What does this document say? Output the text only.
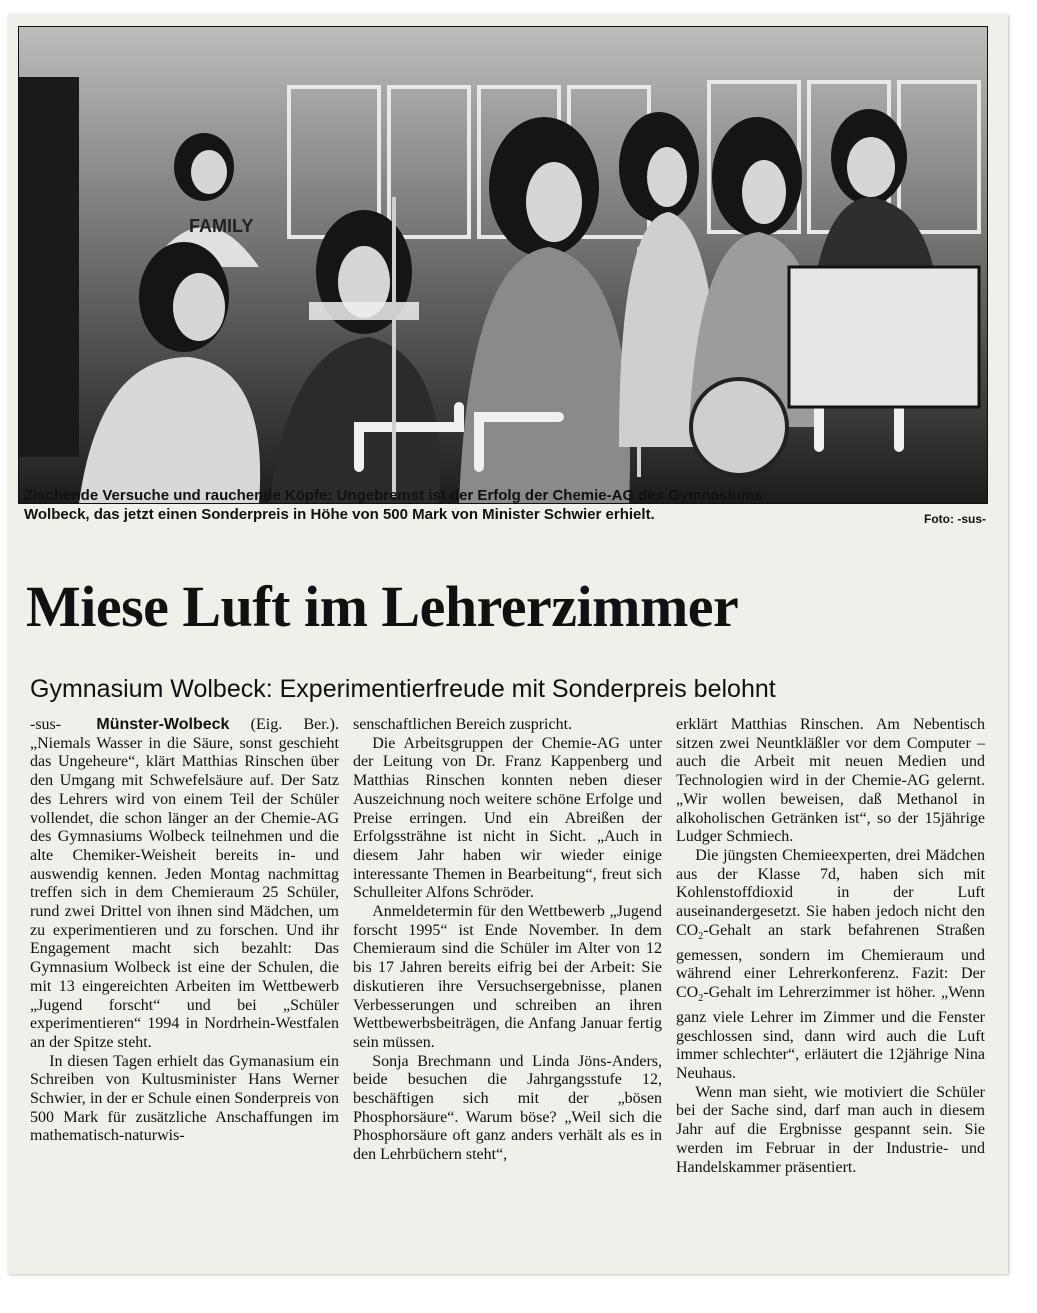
FAMILY
Zischende Versuche und rauchende Köpfe: Ungebremst ist der Erfolg der Chemie-AG des Gymnasiums
Wolbeck, das jetzt einen Sonderpreis in Höhe von 500 Mark von Minister Schwier erhielt.	Foto: -sus-
Miese Luft im Lehrerzimmer
Gymnasium Wolbeck: Experimentierfreude mit Sonderpreis belohnt

-sus- Münster-Wolbeck (Eig. Ber.). „Niemals Wasser in die Säure, sonst geschieht das Ungeheure“, klärt Matthias Rinschen über den Umgang mit Schwefelsäure auf. Der Satz des Lehrers wird von einem Teil der Schüler vollendet, die schon länger an der Chemie-AG des Gymnasiums Wolbeck teilnehmen und die alte Chemiker-Weisheit bereits in- und auswendig kennen. Jeden Montag nachmittag treffen sich in dem Chemieraum 25 Schüler, rund zwei Drittel von ihnen sind Mädchen, um zu experimentieren und zu forschen. Und ihr Engagement macht sich bezahlt: Das Gymnasium Wolbeck ist eine der Schulen, die mit 13 eingereichten Arbeiten im Wettbewerb „Jugend forscht“ und bei „Schüler experimentieren“ 1994 in Nordrhein-Westfalen an der Spitze steht.

In diesen Tagen erhielt das Gymanasium ein Schreiben von Kultusminister Hans Werner Schwier, in der er Schule einen Sonderpreis von 500 Mark für zusätzliche Anschaffungen im mathematisch-naturwis-

senschaftlichen Bereich zuspricht.

Die Arbeitsgruppen der Chemie-AG unter der Leitung von Dr. Franz Kappenberg und Matthias Rinschen konnten neben dieser Auszeichnung noch weitere schöne Erfolge und Preise erringen. Und ein Abreißen der Erfolgssträhne ist nicht in Sicht. „Auch in diesem Jahr haben wir wieder einige interessante Themen in Bearbeitung“, freut sich Schulleiter Alfons Schröder.

Anmeldetermin für den Wettbewerb „Jugend forscht 1995“ ist Ende November. In dem Chemieraum sind die Schüler im Alter von 12 bis 17 Jahren bereits eifrig bei der Arbeit: Sie diskutieren ihre Versuchsergebnisse, planen Verbesserungen und schreiben an ihren Wettbewerbsbeiträgen, die Anfang Januar fertig sein müssen.

Sonja Brechmann und Linda Jöns-Anders, beide besuchen die Jahrgangsstufe 12, beschäftigen sich mit der „bösen Phosphorsäure“. Warum böse? „Weil sich die Phosphorsäure oft ganz anders verhält als es in den Lehrbüchern steht“,

erklärt Matthias Rinschen. Am Nebentisch sitzen zwei Neuntkläßler vor dem Computer – auch die Arbeit mit neuen Medien und Technologien wird in der Chemie-AG gelernt. „Wir wollen beweisen, daß Methanol in alkoholischen Getränken ist“, so der 15jährige Ludger Schmiech.

Die jüngsten Chemieexperten, drei Mädchen aus der Klasse 7d, haben sich mit Kohlenstoffdioxid in der Luft auseinandergesetzt. Sie haben jedoch nicht den $CO_2$-Gehalt an stark befahrenen Straßen gemessen, sondern im Chemieraum und während einer Lehrerkonferenz. Fazit: Der $CO_2$-Gehalt im Lehrerzimmer ist höher. „Wenn ganz viele Lehrer im Zimmer und die Fenster geschlossen sind, dann wird auch die Luft immer schlechter“, erläutert die 12jährige Nina Neuhaus.

Wenn man sieht, wie motiviert die Schüler bei der Sache sind, darf man auch in diesem Jahr auf die Ergbnisse gespannt sein. Sie werden im Februar in der Industrie- und Handelskammer präsentiert.
